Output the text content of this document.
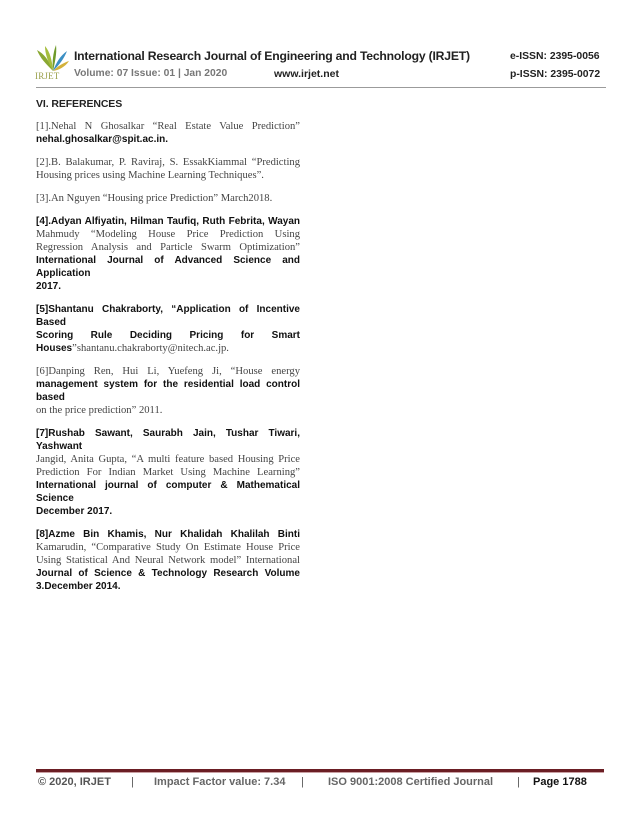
IRJET
International Research Journal of Engineering and Technology (IRJET)
Volume: 07 Issue: 01 | Jan 2020	www.irjet.net
e-ISSN: 2395-0056
p-ISSN: 2395-0072
VI. REFERENCES
[1].Nehal N Ghosalkar “Real Estate Value Prediction”
nehal.ghosalkar@spit.ac.in.
[2].B. Balakumar, P. Raviraj, S. EssakKiammal “Predicting
Housing prices using Machine Learning Techniques”.
[3].An Nguyen “Housing price Prediction” March2018.
[4].Adyan Alfiyatin, Hilman Taufiq, Ruth Febrita, Wayan
Mahmudy “Modeling House Price Prediction Using
Regression Analysis and Particle Swarm Optimization”
International Journal of Advanced Science and Application
2017.
[5]Shantanu Chakraborty, “Application of Incentive Based
Scoring Rule Deciding Pricing for Smart
Houses”shantanu.chakraborty@nitech.ac.jp.
[6]Danping Ren, Hui Li, Yuefeng Ji, “House energy
management system for the residential load control based
on the price prediction” 2011.
[7]Rushab Sawant, Saurabh Jain, Tushar Tiwari, Yashwant
Jangid, Anita Gupta, “A multi feature based Housing Price
Prediction For Indian Market Using Machine Learning”
International journal of computer & Mathematical Science
December 2017.
[8]Azme Bin Khamis, Nur Khalidah Khalilah Binti
Kamarudin, “Comparative Study On Estimate House Price
Using Statistical And Neural Network model” International
Journal of Science & Technology Research Volume
3.December 2014.
© 2020, IRJET | Impact Factor value: 7.34 | ISO 9001:2008 Certified Journal | Page 1788
